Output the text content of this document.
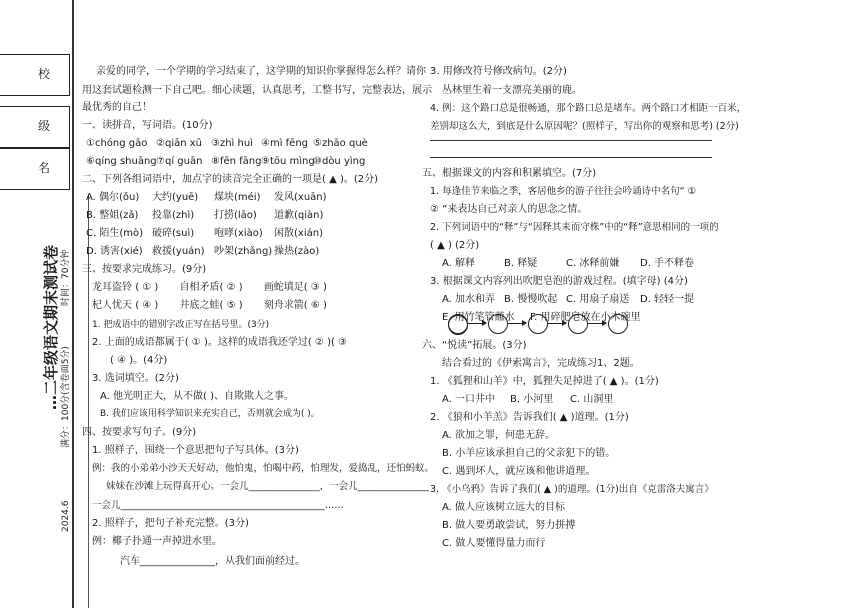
校
级
名
…二年级语文期末测试卷 时间：70分钟
满分：100分(含卷面5分)
2024.6
亲爱的同学，一个学期的学习结束了，这学期的知识你掌握得怎么样？请你
用这套试题检测一下自己吧。细心读题，认真思考，工整书写，完整表达，展示
最优秀的自己！
一、读拼音，写词语。(10分)
①chóng gāo ②qiān xū ③zhì huì ④mì fēng ⑤zhāo què
⑥qíng shuāng⑦qí guān ⑧fēn fāng⑨tōu mìng⑩dòu yìng
二、下列各组词语中，加点字的读音完全正确的一项是( ▲ )。(2分)
A. 偶尔(ǒu) 大约(yuē) 煤块(méi) 发风(xuān)
B. 整姐(zǎ) 投靠(zhì) 打捞(lāo) 道歉(qiàn)
C. 陌生(mò) 破碎(suì) 咆哮(xiào) 闲散(xián)
D. 诱害(xié) 救援(yuán) 吵架(zhǎng) 操热(zào)
三、按要求完成练习。(9分)
龙耳盗铃 ( ① ) 自相矛盾( ② ) 画蛇填足( ③ )
杞人忧天 ( ④ ) 井底之蛙( ⑤ ) 刻舟求箭( ⑥ )
1. 把成语中的错别字改正写在括号里。(3分)
2. 上面的成语都属于( ① )。这样的成语我还学过( ② )( ③
( ④ )。(4分)
3. 选词填空。(2分)
A. 他光明正大，从不做( )、自欺欺人之事。
B. 我们应该用科学知识来充实自己，否则就会成为( )。
四、按要求写句子。(9分)
1. 照样子，围绕一个意思把句子写具体。(3分)
例：我的小弟弟小沙天天好动，他怕鬼，怕喝中药，怕理发，爱捣乱，还怕蚂蚁。
妹妹在沙滩上玩得真开心。一会儿_______________，一会儿_______________
一会儿___________________________________________……
2. 照样子，把句子补充完整。(3分)
例：椰子扑通一声掉进水里。
汽车_______________，从我们面前经过。
3. 用修改符号修改病句。(2分)
丛林里生着一支漂亮美丽的鹿。
4. 例：这个路口总是很畅通，那个路口总是堵车。两个路口才相距一百米，
差别却这么大，到底是什么原因呢？(照样子，写出你的观察和思考) (2分)
五、根据课文的内容和积累填空。(7分)
1. 每逢佳节来临之季，客居他乡的游子往往会吟诵诗中名句“ ①
② ”来表达自己对亲人的思念之情。
2. 下列词语中的“释”与“因释其耒而守株”中的“释”意思相同的一项的
( ▲ ) (2分)
A. 解释	B. 释疑	C. 冰释前嫌 D. 手不释卷
3. 根据课文内容列出吹肥皂泡的游戏过程。(填字母) (4分)
A. 加水和弄 B. 慢慢吹起 C. 用扇子扇送 D. 轻轻一提
E. 用竹笔管蘸水 F. 用碎肥皂放在小木碗里
六、“悦读”拓展。(3分)
结合看过的《伊索寓言》，完成练习1、2题。
1. 《狐狸和山羊》中，狐狸失足掉进了( ▲ )。(1分)
A. 一口井中 B. 小河里 C. 山洞里
2. 《狼和小羊羔》告诉我们( ▲ )道理。(1分)
A. 欲加之罪，何患无辞。
B. 小羊应该承担自己的父亲犯下的错。
C. 遇到坏人，就应该和他讲道理。
3. 《小乌鸦》告诉了我们( ▲ )的道理。(1分)出自《克雷洛夫寓言》
A. 做人应该树立远大的目标
B. 做人要勇敢尝试，努力拼搏
C. 做人要懂得量力而行
